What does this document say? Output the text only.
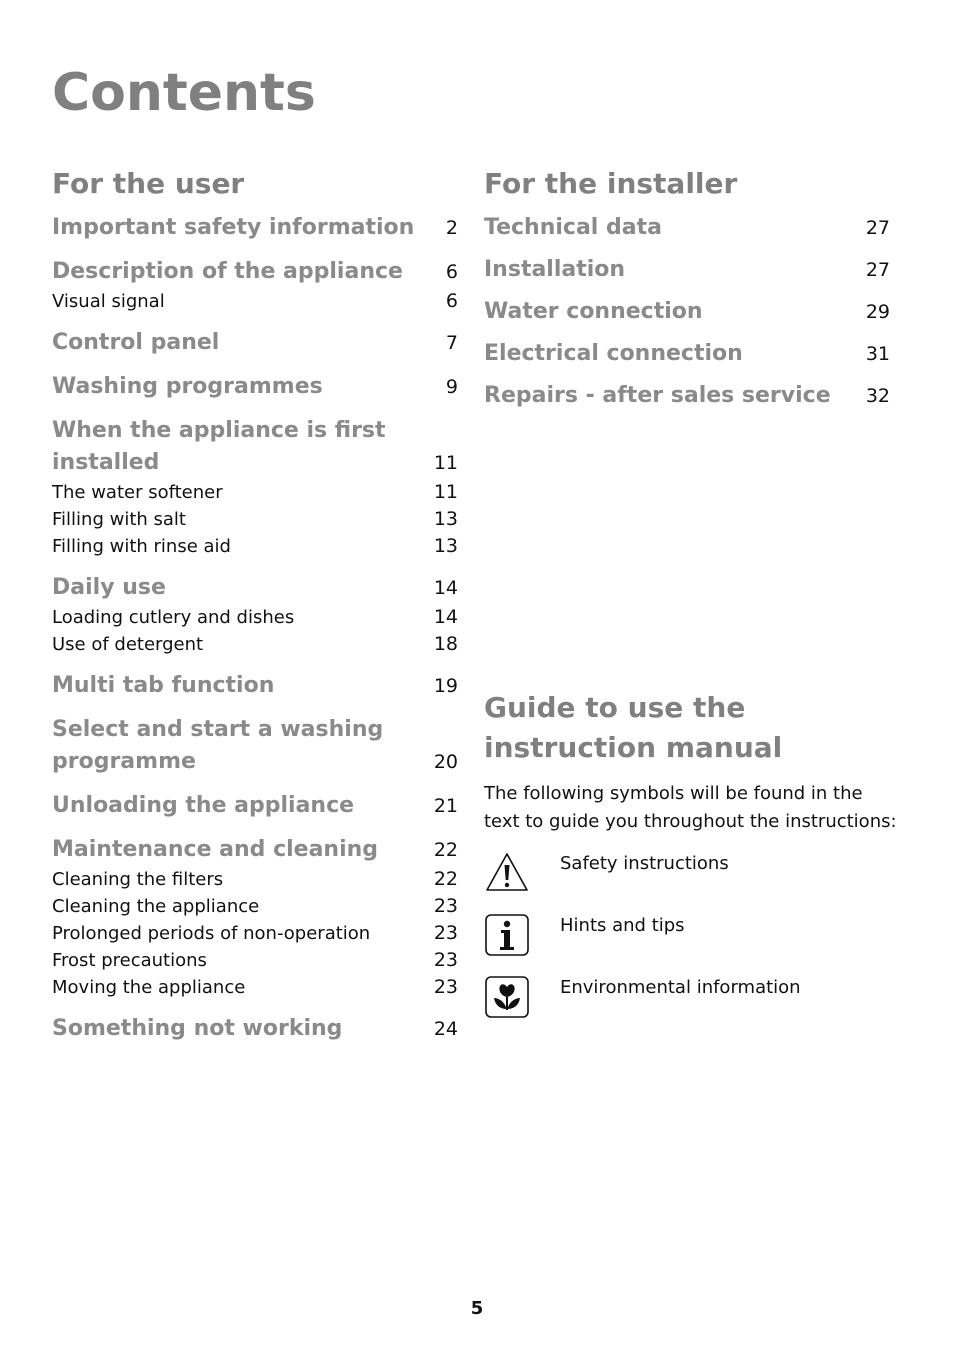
Contents
For the user
Important safety information	2
Description of the appliance	6
Visual signal	6
Control panel	7
Washing programmes	9
When the appliance is first installed	11
The water softener	11
Filling with salt	13
Filling with rinse aid	13
Daily use	14
Loading cutlery and dishes	14
Use of detergent	18
Multi tab function	19
Select and start a washing programme	20
Unloading the appliance	21
Maintenance and cleaning	22
Cleaning the filters	22
Cleaning the appliance	23
Prolonged periods of non-operation	23
Frost precautions	23
Moving the appliance	23
Something not working	24
For the installer
Technical data	27
Installation	27
Water connection	29
Electrical connection	31
Repairs - after sales service	32
Guide to use the
instruction manual
The following symbols will be found in the
text to guide you throughout the instructions:
Safety instructions
Hints and tips
Environmental information
5
